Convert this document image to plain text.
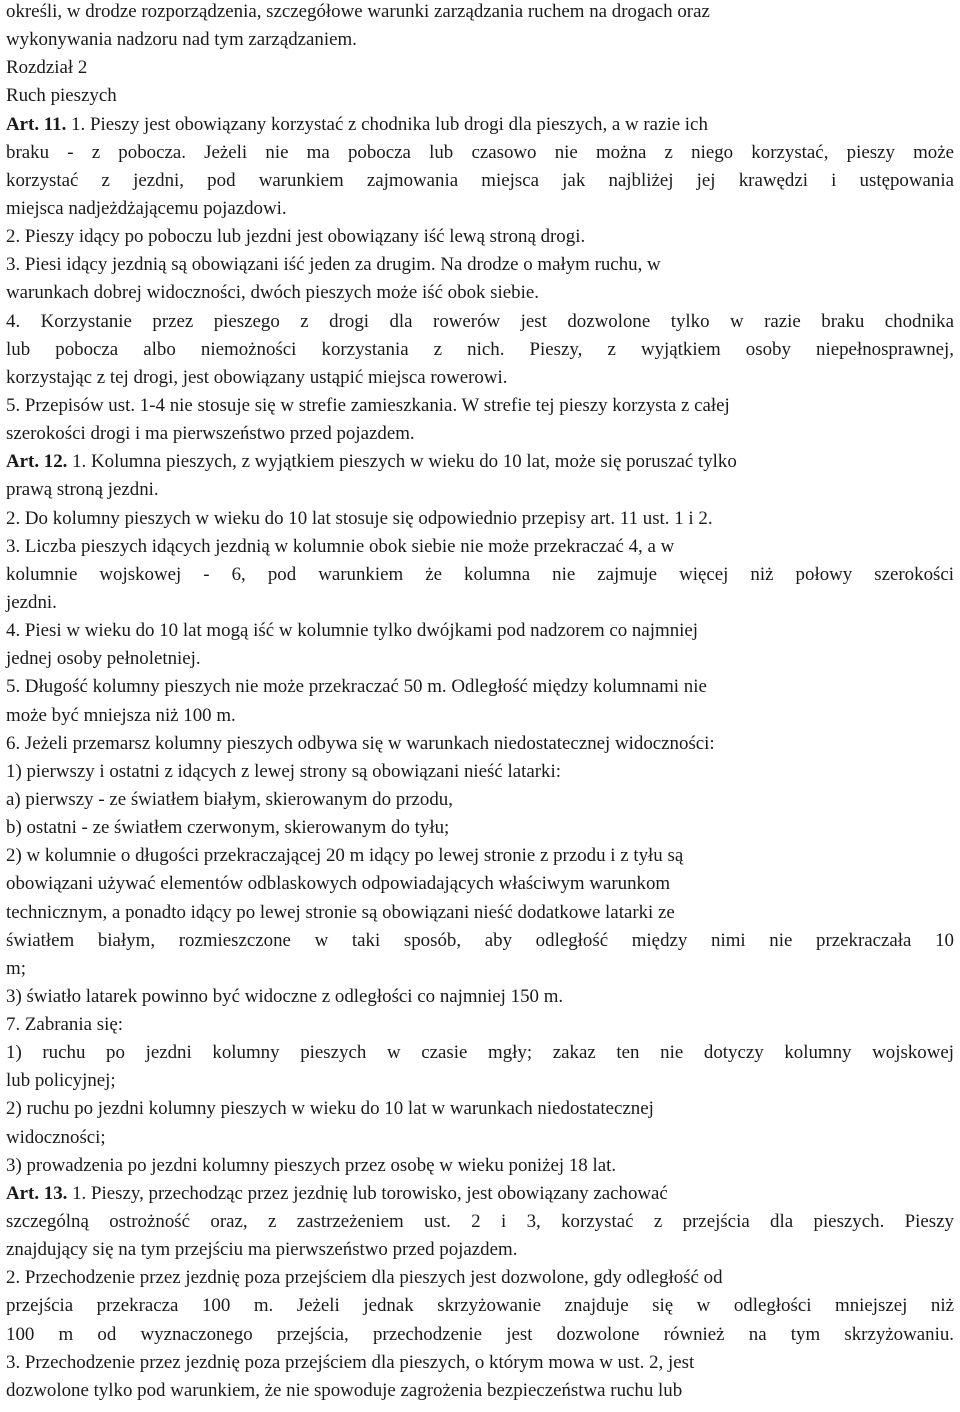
określi, w drodze rozporządzenia, szczegółowe warunki zarządzania ruchem na drogach oraz
wykonywania nadzoru nad tym zarządzaniem.
Rozdział 2
Ruch pieszych
Art. 11. 1. Pieszy jest obowiązany korzystać z chodnika lub drogi dla pieszych, a w razie ich
braku - z pobocza. Jeżeli nie ma pobocza lub czasowo nie można z niego korzystać, pieszy może
korzystać z jezdni, pod warunkiem zajmowania miejsca jak najbliżej jej krawędzi i ustępowania
miejsca nadjeżdżającemu pojazdowi.
2. Pieszy idący po poboczu lub jezdni jest obowiązany iść lewą stroną drogi.
3. Piesi idący jezdnią są obowiązani iść jeden za drugim. Na drodze o małym ruchu, w
warunkach dobrej widoczności, dwóch pieszych może iść obok siebie.
4. Korzystanie przez pieszego z drogi dla rowerów jest dozwolone tylko w razie braku chodnika
lub pobocza albo niemożności korzystania z nich. Pieszy, z wyjątkiem osoby niepełnosprawnej,
korzystając z tej drogi, jest obowiązany ustąpić miejsca rowerowi.
5. Przepisów ust. 1-4 nie stosuje się w strefie zamieszkania. W strefie tej pieszy korzysta z całej
szerokości drogi i ma pierwszeństwo przed pojazdem.
Art. 12. 1. Kolumna pieszych, z wyjątkiem pieszych w wieku do 10 lat, może się poruszać tylko
prawą stroną jezdni.
2. Do kolumny pieszych w wieku do 10 lat stosuje się odpowiednio przepisy art. 11 ust. 1 i 2.
3. Liczba pieszych idących jezdnią w kolumnie obok siebie nie może przekraczać 4, a w
kolumnie wojskowej - 6, pod warunkiem że kolumna nie zajmuje więcej niż połowy szerokości
jezdni.
4. Piesi w wieku do 10 lat mogą iść w kolumnie tylko dwójkami pod nadzorem co najmniej
jednej osoby pełnoletniej.
5. Długość kolumny pieszych nie może przekraczać 50 m. Odległość między kolumnami nie
może być mniejsza niż 100 m.
6. Jeżeli przemarsz kolumny pieszych odbywa się w warunkach niedostatecznej widoczności:
1) pierwszy i ostatni z idących z lewej strony są obowiązani nieść latarki:
a) pierwszy - ze światłem białym, skierowanym do przodu,
b) ostatni - ze światłem czerwonym, skierowanym do tyłu;
2) w kolumnie o długości przekraczającej 20 m idący po lewej stronie z przodu i z tyłu są
obowiązani używać elementów odblaskowych odpowiadających właściwym warunkom
technicznym, a ponadto idący po lewej stronie są obowiązani nieść dodatkowe latarki ze
światłem białym, rozmieszczone w taki sposób, aby odległość między nimi nie przekraczała 10
m;
3) światło latarek powinno być widoczne z odległości co najmniej 150 m.
7. Zabrania się:
1) ruchu po jezdni kolumny pieszych w czasie mgły; zakaz ten nie dotyczy kolumny wojskowej
lub policyjnej;
2) ruchu po jezdni kolumny pieszych w wieku do 10 lat w warunkach niedostatecznej
widoczności;
3) prowadzenia po jezdni kolumny pieszych przez osobę w wieku poniżej 18 lat.
Art. 13. 1. Pieszy, przechodząc przez jezdnię lub torowisko, jest obowiązany zachować
szczególną ostrożność oraz, z zastrzeżeniem ust. 2 i 3, korzystać z przejścia dla pieszych. Pieszy
znajdujący się na tym przejściu ma pierwszeństwo przed pojazdem.
2. Przechodzenie przez jezdnię poza przejściem dla pieszych jest dozwolone, gdy odległość od
przejścia przekracza 100 m. Jeżeli jednak skrzyżowanie znajduje się w odległości mniejszej niż
100 m od wyznaczonego przejścia, przechodzenie jest dozwolone również na tym skrzyżowaniu.
3. Przechodzenie przez jezdnię poza przejściem dla pieszych, o którym mowa w ust. 2, jest
dozwolone tylko pod warunkiem, że nie spowoduje zagrożenia bezpieczeństwa ruchu lub
